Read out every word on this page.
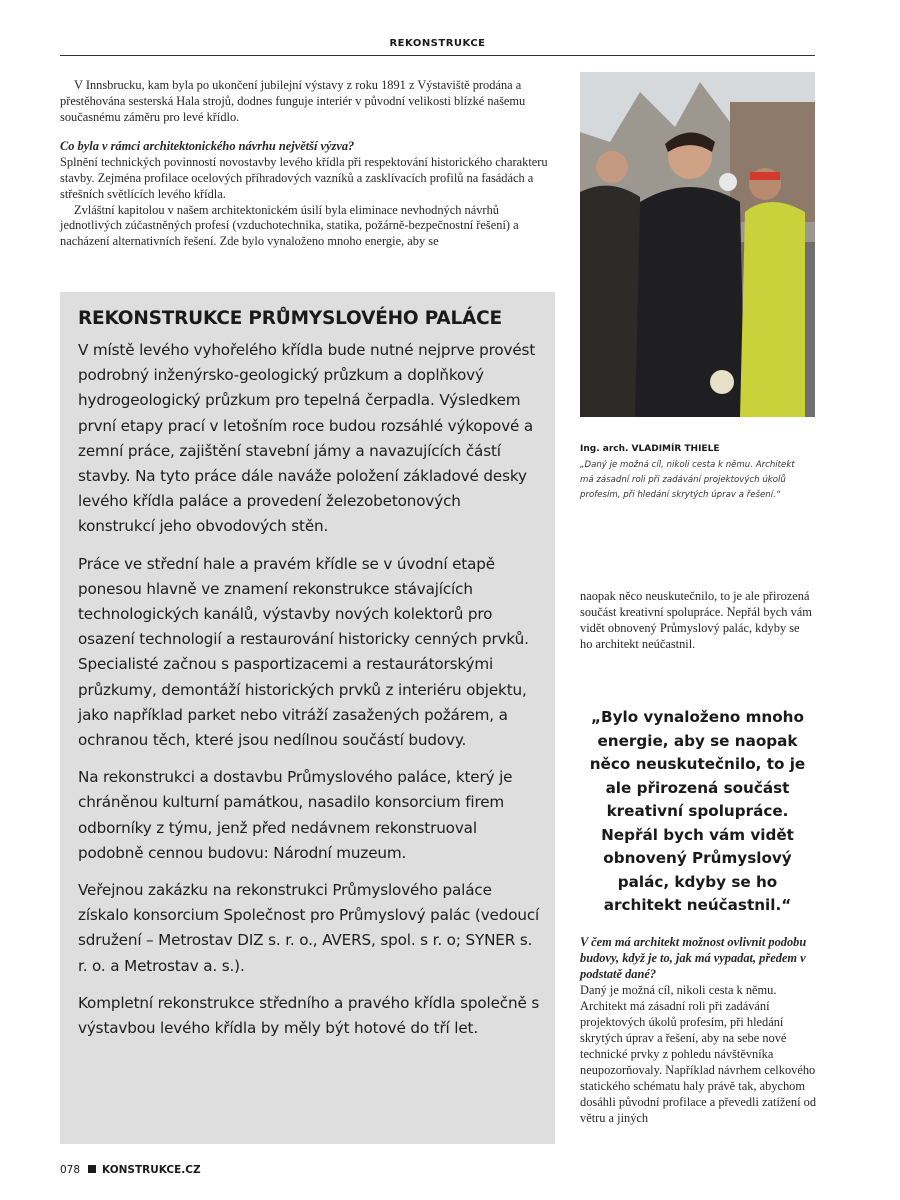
REKONSTRUKCE

V Innsbrucku, kam byla po ukončení jubilejní výstavy z roku 1891 z Výstaviště prodána a přestěhována sesterská Hala strojů, dodnes funguje interiér v původní velikosti blízké našemu současnému záměru pro levé křídlo.

Co byla v rámci architektonického návrhu největší výzva?

Splnění technických povinností novostavby levého křídla při respektování historického charakteru stavby. Zejména profilace ocelových příhradových vazníků a zasklívacích profilů na fasádách a střešních světlících levého křídla.

Zvláštní kapitolou v našem architektonickém úsilí byla eliminace nevhodných návrhů jednotlivých zúčastněných profesí (vzduchotechnika, statika, požárně-bezpečnostní řešení) a nacházení alternativních řešení. Zde bylo vynaloženo mnoho energie, aby se

REKONSTRUKCE PRŮMYSLOVÉHO PALÁCE

V místě levého vyhořelého křídla bude nutné nejprve provést podrobný inženýrsko-geologický průzkum a doplňkový hydrogeologický průzkum pro tepelná čerpadla. Výsledkem první etapy prací v letošním roce budou rozsáhlé výkopové a zemní práce, zajištění stavební jámy a navazujících částí stavby. Na tyto práce dále naváže položení základové desky levého křídla paláce a provedení železobetonových konstrukcí jeho obvodových stěn.

Práce ve střední hale a pravém křídle se v úvodní etapě ponesou hlavně ve znamení rekonstrukce stávajících technologických kanálů, výstavby nových kolektorů pro osazení technologií a restaurování historicky cenných prvků. Specialisté začnou s pasportizacemi a restaurátorskými průzkumy, demontáží historických prvků z interiéru objektu, jako například parket nebo vitráží zasažených požárem, a ochranou těch, které jsou nedílnou součástí budovy.

Na rekonstrukci a dostavbu Průmyslového paláce, který je chráněnou kulturní památkou, nasadilo konsorcium firem odborníky z týmu, jenž před nedávnem rekonstruoval podobně cennou budovu: Národní muzeum.

Veřejnou zakázku na rekonstrukci Průmyslového paláce získalo konsorcium Společnost pro Průmyslový palác (vedoucí sdružení – Metrostav DIZ s. r. o., AVERS, spol. s r. o; SYNER s. r. o. a Metrostav a. s.).

Kompletní rekonstrukce středního a pravého křídla společně s výstavbou levého křídla by měly být hotové do tří let.

Ing. arch. VLADIMÍR THIELE
„Daný je možná cíl, nikoli cesta k němu. Architekt má zásadní roli při zadávání projektových úkolů profesím, při hledání skrytých úprav a řešení.“

naopak něco neuskutečnilo, to je ale přirozená součást kreativní spolupráce. Nepřál bych vám vidět obnovený Průmyslový palác, kdyby se ho architekt neúčastnil.

„Bylo vynaloženo mnoho energie, aby se naopak něco neuskutečnilo, to je ale přirozená součást kreativní spolupráce. Nepřál bych vám vidět obnovený Průmyslový palác, kdyby se ho architekt neúčastnil.“

V čem má architekt možnost ovlivnit podobu budovy, když je to, jak má vypadat, předem v podstatě dané?

Daný je možná cíl, nikoli cesta k němu. Architekt má zásadní roli při zadávání projektových úkolů profesím, při hledání skrytých úprav a řešení, aby na sebe nové technické prvky z pohledu návštěvníka neupozorňovaly. Například návrhem celkového statického schématu haly právě tak, abychom dosáhli původní profilace a převedli zatížení od větru a jiných

078 KONSTRUKCE.CZ
